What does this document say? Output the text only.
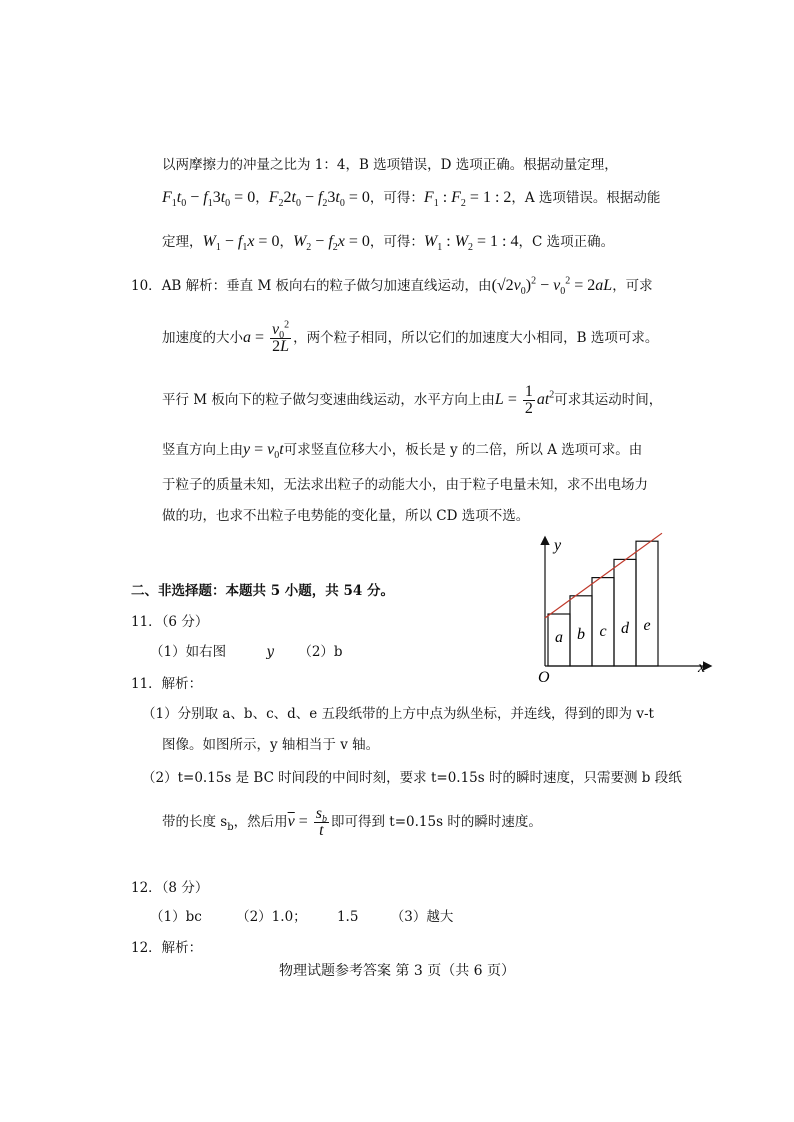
以两摩擦力的冲量之比为 1：4，B 选项错误，D 选项正确。根据动量定理，
$F_1t_0 - f_13t_0 = 0$，$F_22t_0 - f_23t_0 = 0$，可得：$F_1$ : $F_2 = 1$ : 2，A 选项错误。根据动能
定理，$W_1 - f_1x = 0$，$W_2 - f_2x = 0$，可得：$W_1$ : $W_2 = 1$ : 4，C 选项正确。
10．AB 解析：垂直 M 板向右的粒子做匀加速直线运动，由$(√2v_0)^2 - v_0^2 = 2aL$，可求
加速度的大小$a = \frac{v_0^2}{2L}$ ，两个粒子相同，所以它们的加速度大小相同，B 选项可求。
平行 M 板向下的粒子做匀变速曲线运动，水平方向上由$L = \frac{1}{2} at^2$可求其运动时间，
竖直方向上由$y = v_0t$可求竖直位移大小，板长是 y 的二倍，所以 A 选项可求。由
于粒子的质量未知，无法求出粒子的动能大小，由于粒子电量未知，求不出电场力
做的功，也求不出粒子电势能的变化量，所以 CD 选项不选。
二、非选择题：本题共 5 小题，共 54 分。
11．（6 分）
（1）如右图	y （2）b
11．解析：
（1）分别取 a、b、c、d、e 五段纸带的上方中点为纵坐标，并连线，得到的即为 v-t
图像。如图所示，y 轴相当于 v 轴。
（2）t=0.15s 是 BC 时间段的中间时刻，要求 t=0.15s 时的瞬时速度，只需要测 b 段纸
带的长度 $s_b$，然后用$\overline{v} = \frac{s_b}{t}$ 即可得到 t=0.15s 时的瞬时速度。
12．（8 分）
（1）bc	（2）1.0； 1.5 （3）越大
12．解析：
物理试题参考答案 第 3 页（共 6 页）
x
y
O
a b c d e
